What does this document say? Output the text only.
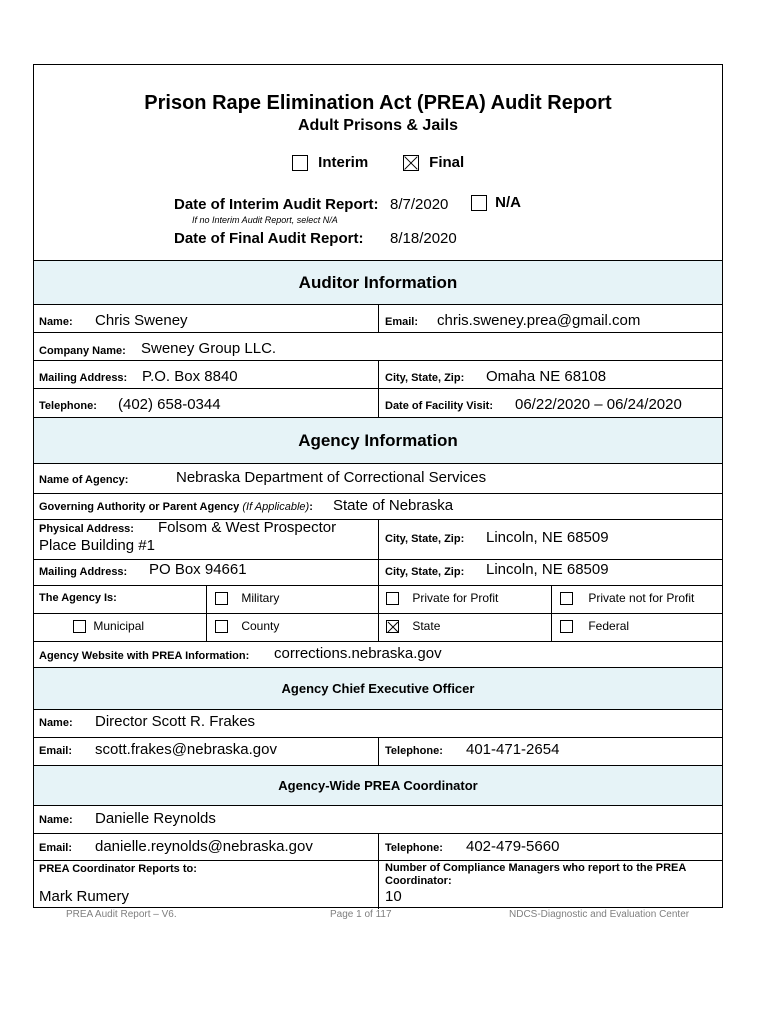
Prison Rape Elimination Act (PREA) Audit Report
Adult Prisons & Jails
Interim	Final
Date of Interim Audit Report: 8/7/2020	N/A
If no Interim Audit Report, select N/A
Date of Final Audit Report: 8/18/2020
Auditor Information
Name: Chris Sweney	Email: chris.sweney.prea@gmail.com
Company Name: Sweney Group LLC.
Mailing Address: P.O. Box 8840	City, State, Zip: Omaha NE 68108
Telephone: (402) 658-0344	Date of Facility Visit: 06/22/2020 – 06/24/2020
Agency Information
Name of Agency:	Nebraska Department of Correctional Services
Governing Authority or Parent Agency (If Applicable): State of Nebraska
Physical Address: Folsom & West Prospector
Place Building #1	City, State, Zip: Lincoln, NE 68509
Mailing Address: PO Box 94661	City, State, Zip: Lincoln, NE 68509
The Agency Is:	Military	Private for Profit	Private not for Profit
Municipal	County	State	Federal
Agency Website with PREA Information: corrections.nebraska.gov
Agency Chief Executive Officer
Name: Director Scott R. Frakes
Email: scott.frakes@nebraska.gov	Telephone: 401-471-2654
Agency-Wide PREA Coordinator
Name: Danielle Reynolds
Email: danielle.reynolds@nebraska.gov	Telephone: 402-479-5660
PREA Coordinator Reports to:
Mark Rumery
Number of Compliance Managers who report to the PREA
Coordinator:
10
PREA Audit Report – V6.	Page 1 of 117	NDCS-Diagnostic and Evaluation Center
